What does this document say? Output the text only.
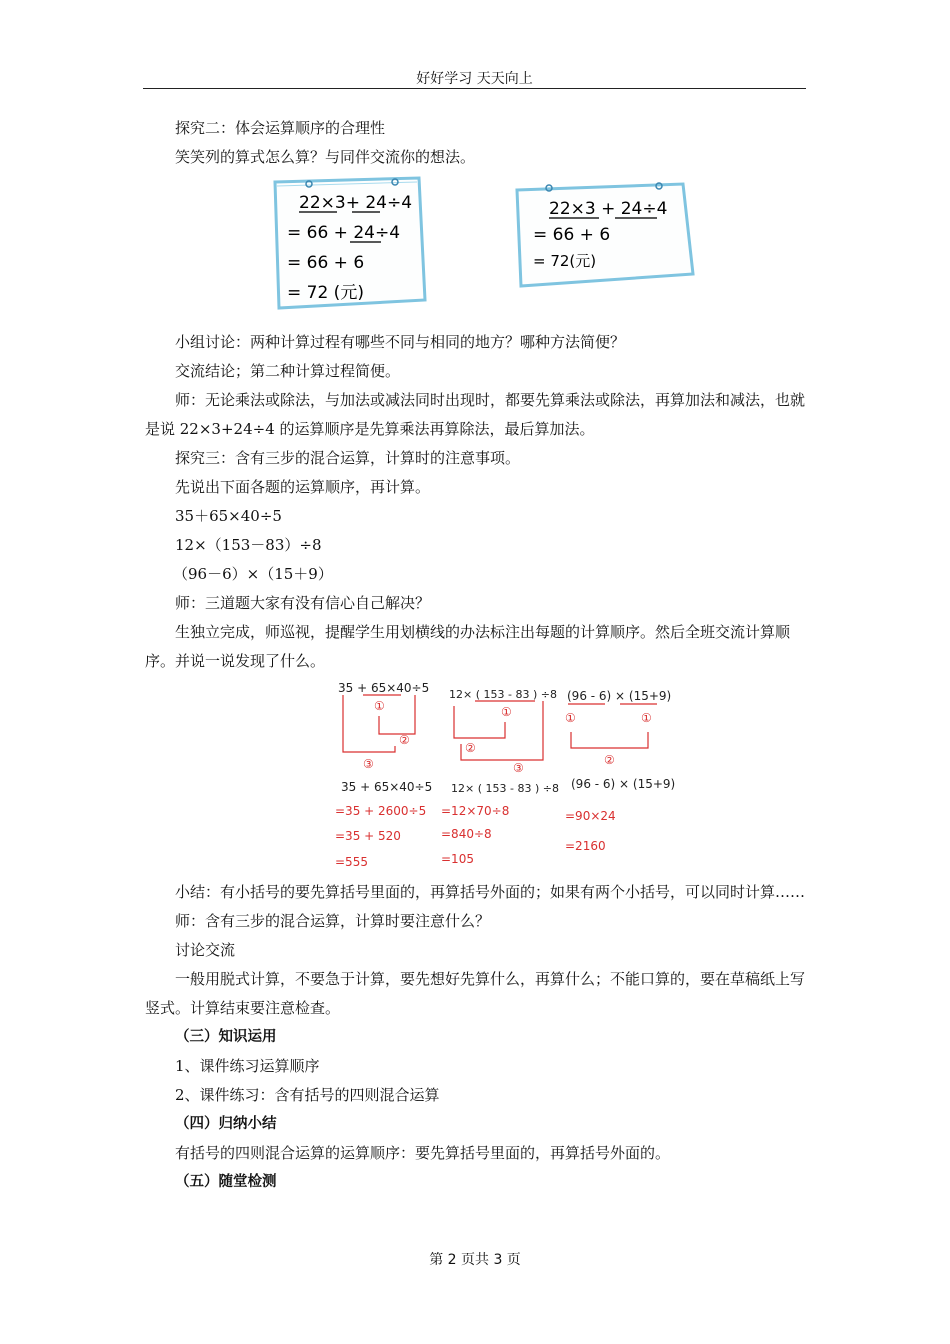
好好学习 天天向上

探究二：体会运算顺序的合理性

笑笑列的算式怎么算？与同伴交流你的想法。

22×3+ 24÷4
= 66 + 24÷4
= 66 + 6
= 72 (元)
22×3 + 24÷4
= 66 + 6
= 72(元)

小组讨论：两种计算过程有哪些不同与相同的地方？哪种方法简便？

交流结论；第二种计算过程简便。

师：无论乘法或除法，与加法或减法同时出现时，都要先算乘法或除法，再算加法和减法，也就是说 22×3+24÷4 的运算顺序是先算乘法再算除法，最后算加法。

探究三：含有三步的混合运算，计算时的注意事项。

先说出下面各题的运算顺序，再计算。

35＋65×40÷5

12×（153－83）÷8

（96－6）×（15＋9）

师：三道题大家有没有信心自己解决？

生独立完成，师巡视，提醒学生用划横线的办法标注出每题的计算顺序。然后全班交流计算顺序。并说一说发现了什么。

35 + 65×40÷5
①
②
③
35 + 65×40÷5
=35 + 2600÷5
=35 + 520
=555
12× ( 153 - 83 ) ÷8
①
②
③
12× ( 153 - 83 ) ÷8
=12×70÷8
=840÷8
=105
(96 - 6) × (15+9)
①	①
②
(96 - 6) × (15+9)
=90×24
=2160

小结：有小括号的要先算括号里面的，再算括号外面的；如果有两个小括号，可以同时计算……

师：含有三步的混合运算，计算时要注意什么？

讨论交流

一般用脱式计算，不要急于计算，要先想好先算什么，再算什么；不能口算的，要在草稿纸上写竖式。计算结束要注意检查。

（三）知识运用

1、课件练习运算顺序

2、课件练习：含有括号的四则混合运算

（四）归纳小结

有括号的四则混合运算的运算顺序：要先算括号里面的，再算括号外面的。

（五）随堂检测

第 2 页共 3 页
